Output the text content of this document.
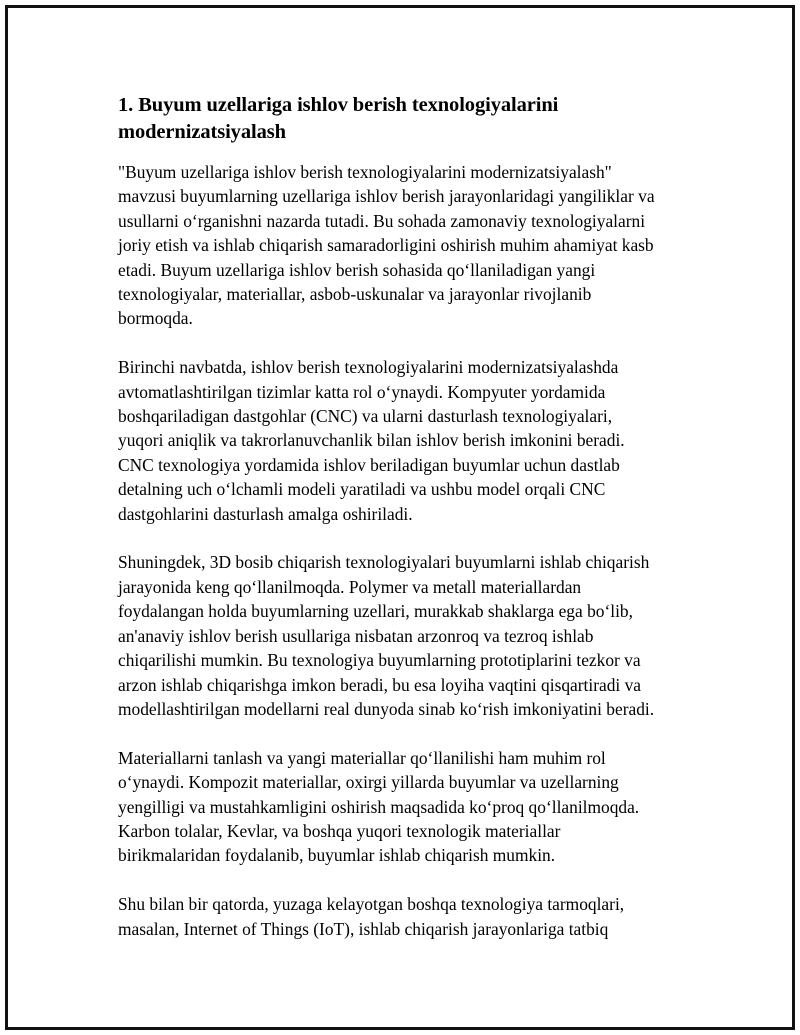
1. Buyum uzellariga ishlov berish texnologiyalarini
modernizatsiyalash

"Buyum uzellariga ishlov berish texnologiyalarini modernizatsiyalash"
mavzusi buyumlarning uzellariga ishlov berish jarayonlaridagi yangiliklar va
usullarni o‘rganishni nazarda tutadi. Bu sohada zamonaviy texnologiyalarni
joriy etish va ishlab chiqarish samaradorligini oshirish muhim ahamiyat kasb
etadi. Buyum uzellariga ishlov berish sohasida qo‘llaniladigan yangi
texnologiyalar, materiallar, asbob-uskunalar va jarayonlar rivojlanib
bormoqda.

Birinchi navbatda, ishlov berish texnologiyalarini modernizatsiyalashda
avtomatlashtirilgan tizimlar katta rol o‘ynaydi. Kompyuter yordamida
boshqariladigan dastgohlar (CNC) va ularni dasturlash texnologiyalari,
yuqori aniqlik va takrorlanuvchanlik bilan ishlov berish imkonini beradi.
CNC texnologiya yordamida ishlov beriladigan buyumlar uchun dastlab
detalning uch o‘lchamli modeli yaratiladi va ushbu model orqali CNC
dastgohlarini dasturlash amalga oshiriladi.

Shuningdek, 3D bosib chiqarish texnologiyalari buyumlarni ishlab chiqarish
jarayonida keng qo‘llanilmoqda. Polymer va metall materiallardan
foydalangan holda buyumlarning uzellari, murakkab shaklarga ega bo‘lib,
an'anaviy ishlov berish usullariga nisbatan arzonroq va tezroq ishlab
chiqarilishi mumkin. Bu texnologiya buyumlarning prototiplarini tezkor va
arzon ishlab chiqarishga imkon beradi, bu esa loyiha vaqtini qisqartiradi va
modellashtirilgan modellarni real dunyoda sinab ko‘rish imkoniyatini beradi.

Materiallarni tanlash va yangi materiallar qo‘llanilishi ham muhim rol
o‘ynaydi. Kompozit materiallar, oxirgi yillarda buyumlar va uzellarning
yengilligi va mustahkamligini oshirish maqsadida ko‘proq qo‘llanilmoqda.
Karbon tolalar, Kevlar, va boshqa yuqori texnologik materiallar
birikmalaridan foydalanib, buyumlar ishlab chiqarish mumkin.

Shu bilan bir qatorda, yuzaga kelayotgan boshqa texnologiya tarmoqlari,
masalan, Internet of Things (IoT), ishlab chiqarish jarayonlariga tatbiq
